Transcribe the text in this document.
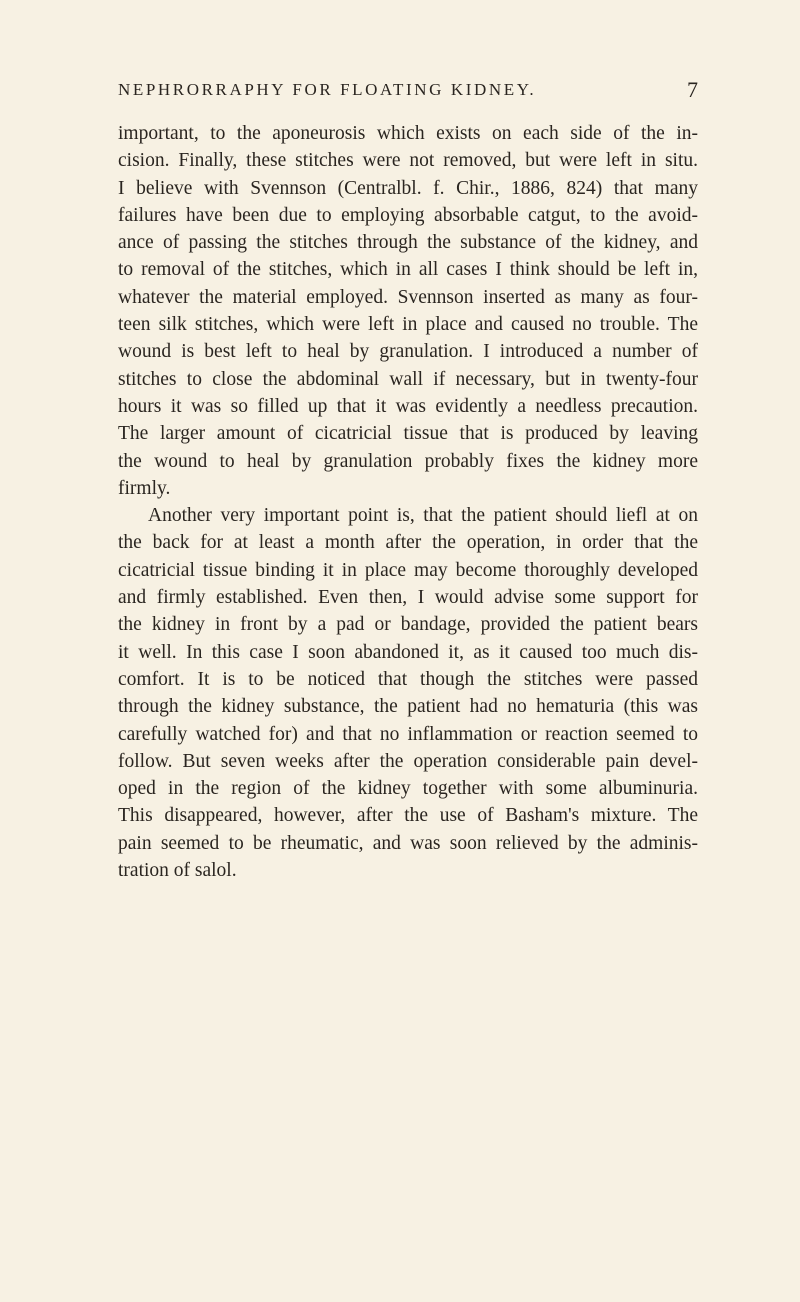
NEPHRORRAPHY FOR FLOATING KIDNEY.	7
important, to the aponeurosis which exists on each side of the in-
cision. Finally, these stitches were not removed, but were left in situ.
I believe with Svennson (Centralbl. f. Chir., 1886, 824) that many
failures have been due to employing absorbable catgut, to the avoid-
ance of passing the stitches through the substance of the kidney, and
to removal of the stitches, which in all cases I think should be left in,
whatever the material employed. Svennson inserted as many as four-
teen silk stitches, which were left in place and caused no trouble. The
wound is best left to heal by granulation. I introduced a number of
stitches to close the abdominal wall if necessary, but in twenty-four
hours it was so filled up that it was evidently a needless precaution.
The larger amount of cicatricial tissue that is produced by leaving
the wound to heal by granulation probably fixes the kidney more
firmly.
Another very important point is, that the patient should liefl at on
the back for at least a month after the operation, in order that the
cicatricial tissue binding it in place may become thoroughly developed
and firmly established. Even then, I would advise some support for
the kidney in front by a pad or bandage, provided the patient bears
it well. In this case I soon abandoned it, as it caused too much dis-
comfort. It is to be noticed that though the stitches were passed
through the kidney substance, the patient had no hematuria (this was
carefully watched for) and that no inflammation or reaction seemed to
follow. But seven weeks after the operation considerable pain devel-
oped in the region of the kidney together with some albuminuria.
This disappeared, however, after the use of Basham's mixture. The
pain seemed to be rheumatic, and was soon relieved by the adminis-
tration of salol.
